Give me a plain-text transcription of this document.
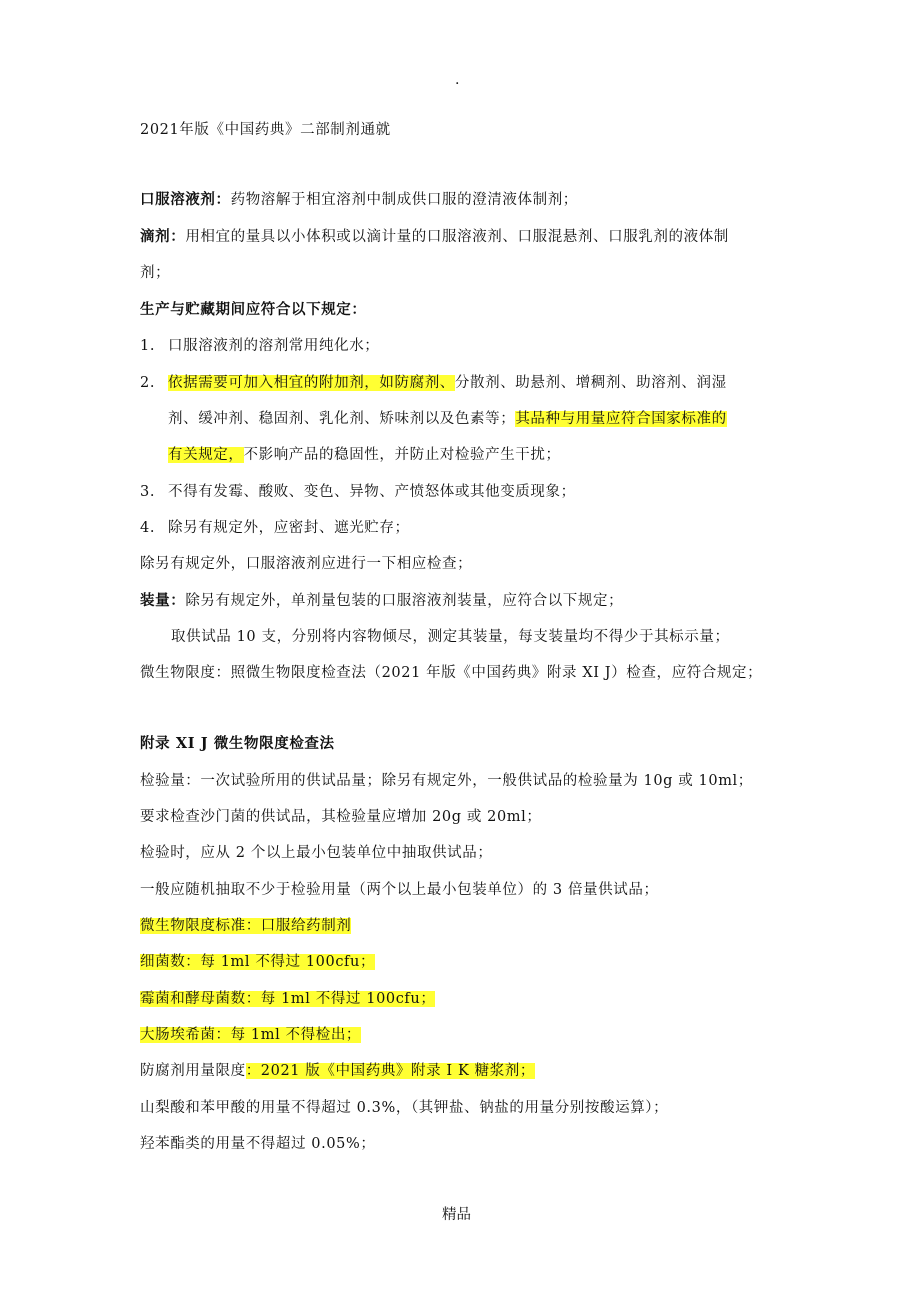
.
2021年版《中国药典》二部制剂通就
口服溶液剂：药物溶解于相宜溶剂中制成供口服的澄清液体制剂；
滴剂：用相宜的量具以小体积或以滴计量的口服溶液剂、口服混悬剂、口服乳剂的液体制
剂；
生产与贮藏期间应符合以下规定：
1. 口服溶液剂的溶剂常用纯化水；
2. 依据需要可加入相宜的附加剂，如防腐剂、分散剂、助悬剂、增稠剂、助溶剂、润湿
剂、缓冲剂、稳固剂、乳化剂、矫味剂以及色素等；其品种与用量应符合国家标准的
有关规定，不影响产品的稳固性，并防止对检验产生干扰；
3. 不得有发霉、酸败、变色、异物、产愤怒体或其他变质现象；
4. 除另有规定外，应密封、遮光贮存；
除另有规定外，口服溶液剂应进行一下相应检查；
装量：除另有规定外，单剂量包装的口服溶液剂装量，应符合以下规定；
取供试品 10 支，分别将内容物倾尽，测定其装量，每支装量均不得少于其标示量；
微生物限度：照微生物限度检查法（2021 年版《中国药典》附录 XI J）检查，应符合规定；
附录 XI J 微生物限度检查法
检验量：一次试验所用的供试品量；除另有规定外，一般供试品的检验量为 10g 或 10ml；
要求检查沙门菌的供试品，其检验量应增加 20g 或 20ml；
检验时，应从 2 个以上最小包装单位中抽取供试品；
一般应随机抽取不少于检验用量（两个以上最小包装单位）的 3 倍量供试品；
微生物限度标准：口服给药制剂
细菌数：每 1ml 不得过 100cfu；
霉菌和酵母菌数：每 1ml 不得过 100cfu；
大肠埃希菌：每 1ml 不得检出；
防腐剂用量限度：2021 版《中国药典》附录 I K 糖浆剂；
山梨酸和苯甲酸的用量不得超过 0.3%，（其钾盐、钠盐的用量分别按酸运算）；
羟苯酯类的用量不得超过 0.05%；
精品
